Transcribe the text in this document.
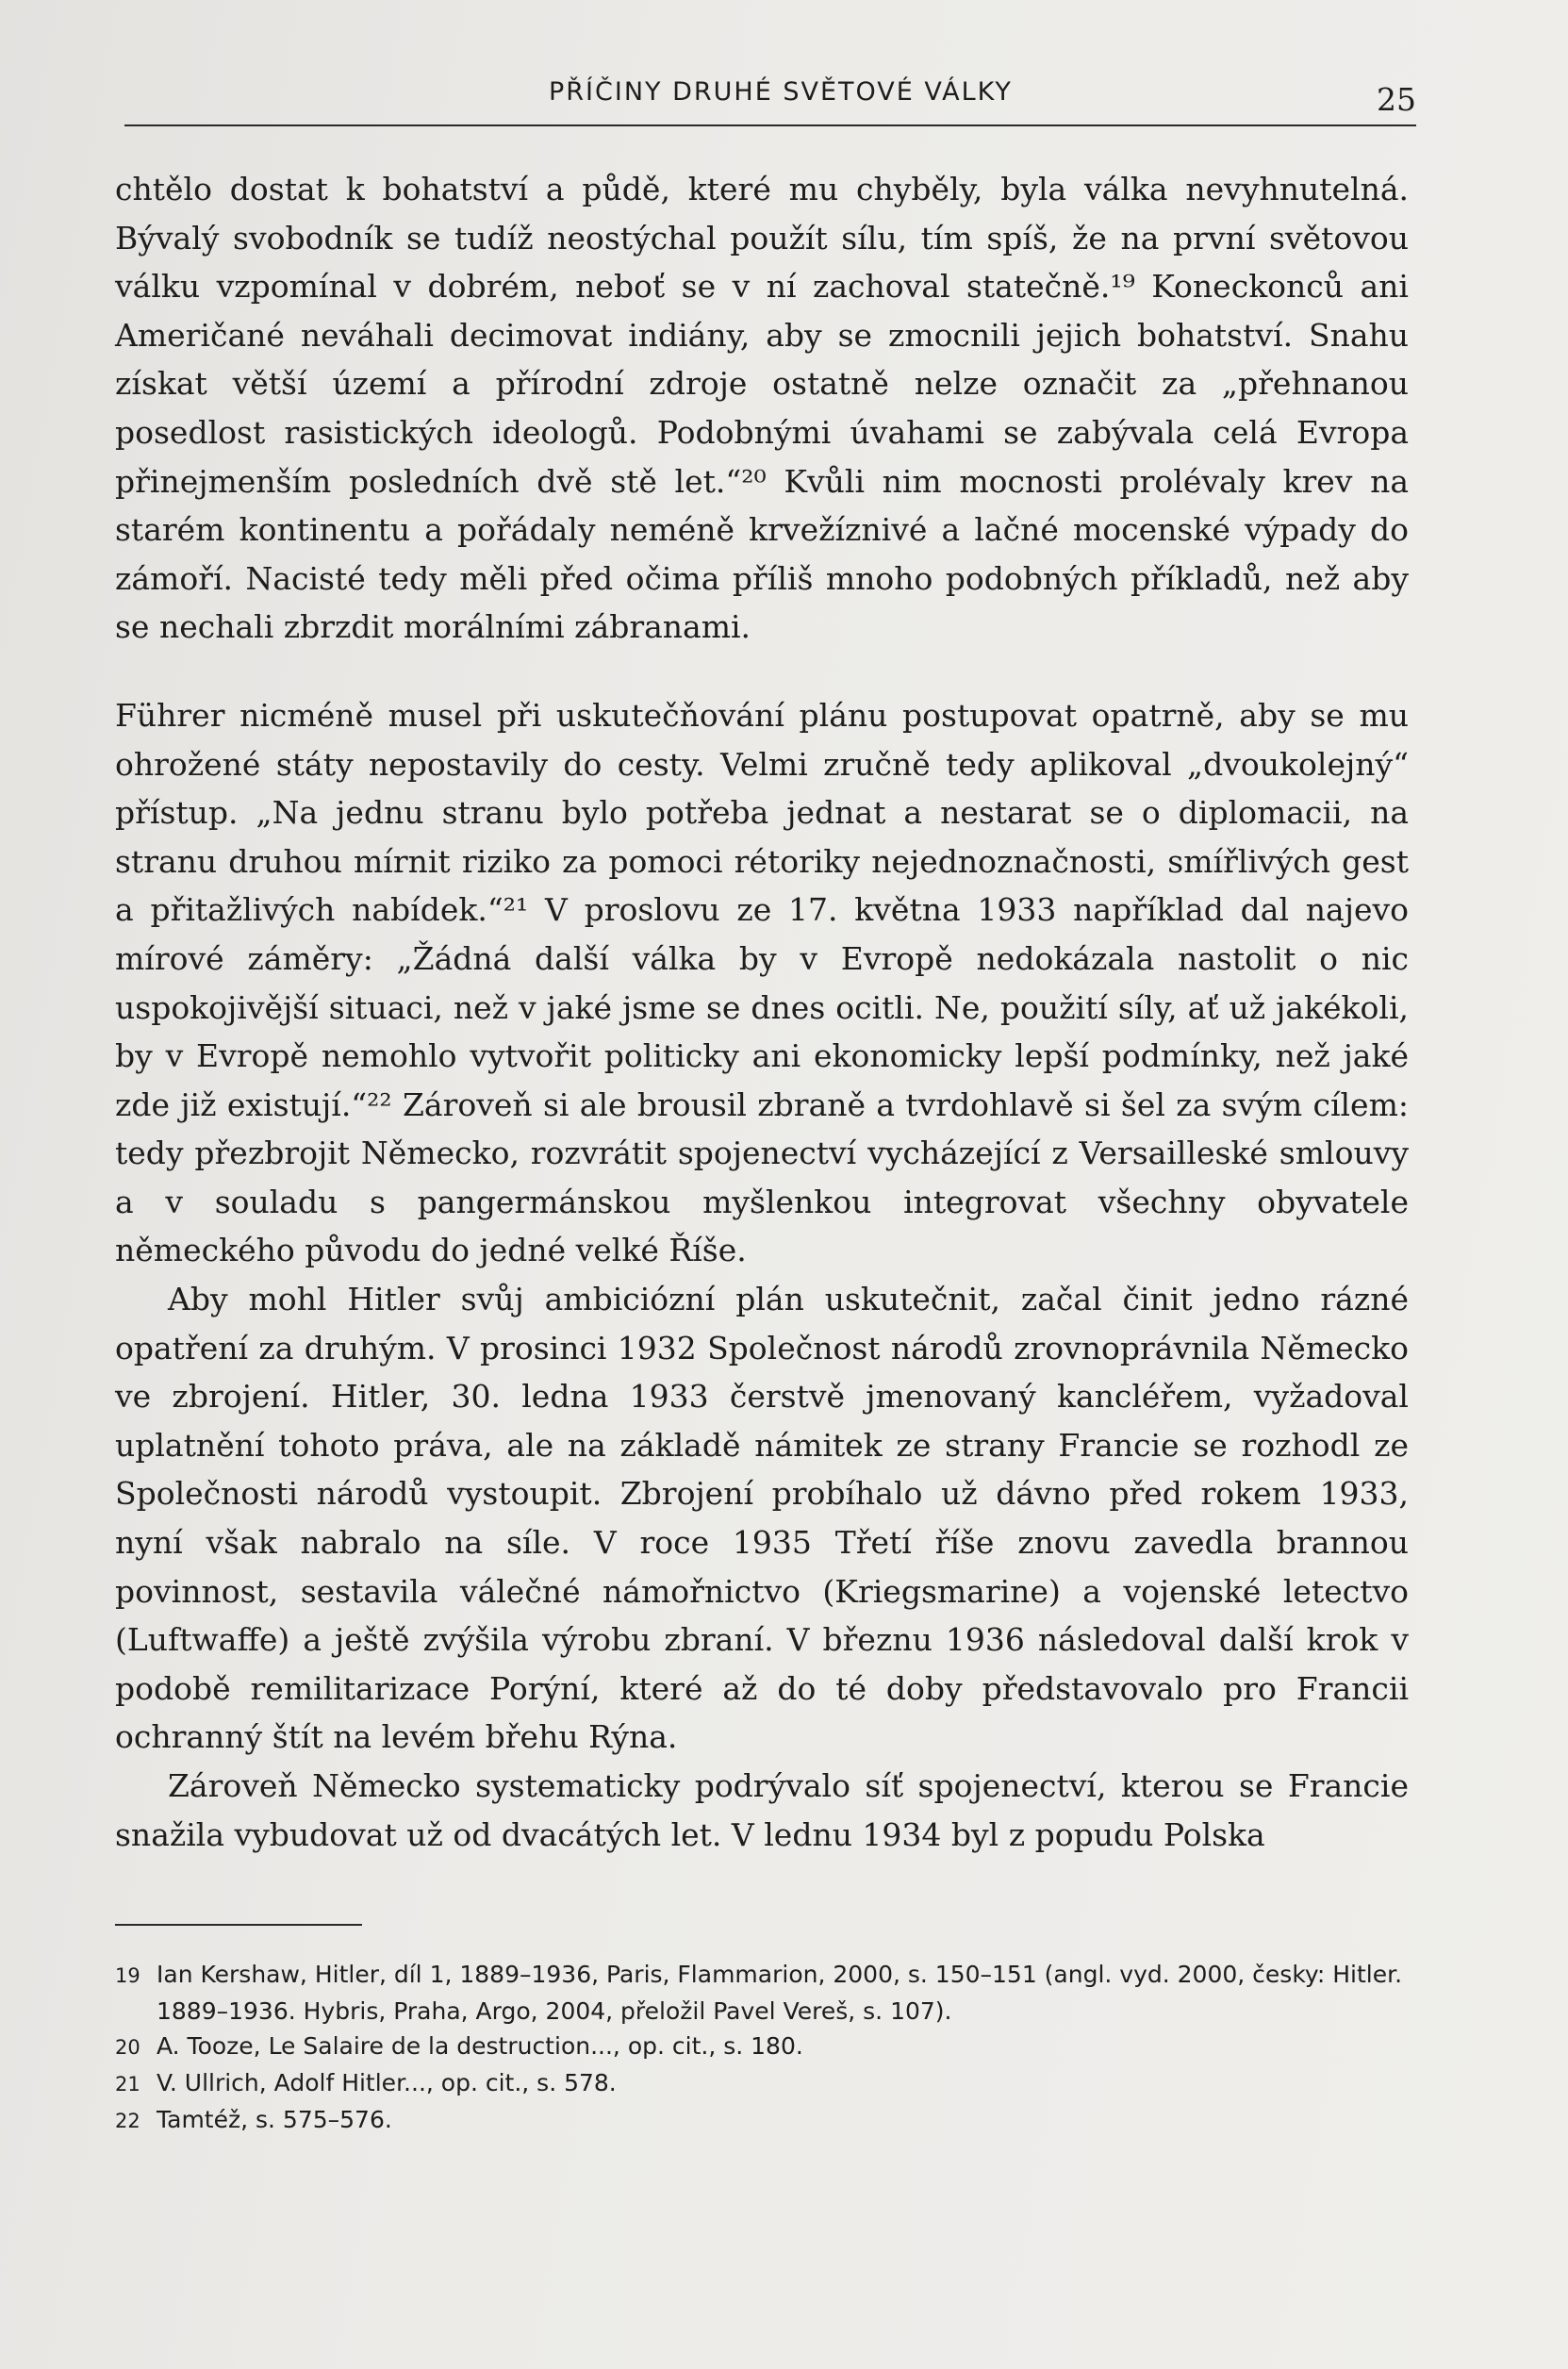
PŘÍČINY DRUHÉ SVĚTOVÉ VÁLKY	25

chtělo dostat k bohatství a půdě, které mu chyběly, byla válka nevyhnutelná. Bývalý svobodník se tudíž neostýchal použít sílu, tím spíš, že na první světovou válku vzpomínal v dobrém, neboť se v ní zachoval statečně.¹⁹ Koneckonců ani Američané neváhali decimovat indiány, aby se zmocnili jejich bohatství. Snahu získat větší území a přírodní zdroje ostatně nelze označit za „přehnanou posedlost rasistických ideologů. Podobnými úvahami se zabývala celá Evropa přinejmenším posledních dvě stě let.“²⁰ Kvůli nim mocnosti prolévaly krev na starém kontinentu a pořádaly neméně krvežíznivé a lačné mocenské výpady do zámoří. Nacisté tedy měli před očima příliš mnoho podobných příkladů, než aby se nechali zbrzdit morálními zábranami.

Führer nicméně musel při uskutečňování plánu postupovat opatrně, aby se mu ohrožené státy nepostavily do cesty. Velmi zručně tedy aplikoval „dvoukolejný“ přístup. „Na jednu stranu bylo potřeba jednat a nestarat se o diplomacii, na stranu druhou mírnit riziko za pomoci rétoriky nejednoznačnosti, smířlivých gest a přitažlivých nabídek.“²¹ V proslovu ze 17. května 1933 například dal najevo mírové záměry: „Žádná další válka by v Evropě nedokázala nastolit o nic uspokojivější situaci, než v jaké jsme se dnes ocitli. Ne, použití síly, ať už jakékoli, by v Evropě nemohlo vytvořit politicky ani ekonomicky lepší podmínky, než jaké zde již existují.“²² Zároveň si ale brousil zbraně a tvrdohlavě si šel za svým cílem: tedy přezbrojit Německo, rozvrátit spojenectví vycházející z Versailleské smlouvy a v souladu s pangermánskou myšlenkou integrovat všechny obyvatele německého původu do jedné velké Říše.

Aby mohl Hitler svůj ambiciózní plán uskutečnit, začal činit jedno rázné opatření za druhým. V prosinci 1932 Společnost národů zrovnoprávnila Německo ve zbrojení. Hitler, 30. ledna 1933 čerstvě jmenovaný kancléřem, vyžadoval uplatnění tohoto práva, ale na základě námitek ze strany Francie se rozhodl ze Společnosti národů vystoupit. Zbrojení probíhalo už dávno před rokem 1933, nyní však nabralo na síle. V roce 1935 Třetí říše znovu zavedla brannou povinnost, sestavila válečné námořnictvo (Kriegsmarine) a vojenské letectvo (Luftwaffe) a ještě zvýšila výrobu zbraní. V březnu 1936 následoval další krok v podobě remilitarizace Porýní, které až do té doby představovalo pro Francii ochranný štít na levém břehu Rýna.

Zároveň Německo systematicky podrývalo síť spojenectví, kterou se Francie snažila vybudovat už od dvacátých let. V lednu 1934 byl z popudu Polska

19 Ian Kershaw, Hitler, díl 1, 1889–1936, Paris, Flammarion, 2000, s. 150–151 (angl. vyd. 2000, česky: Hitler. 1889–1936. Hybris, Praha, Argo, 2004, přeložil Pavel Vereš, s. 107).

20 A. Tooze, Le Salaire de la destruction..., op. cit., s. 180.

21 V. Ullrich, Adolf Hitler..., op. cit., s. 578.

22 Tamtéž, s. 575–576.
